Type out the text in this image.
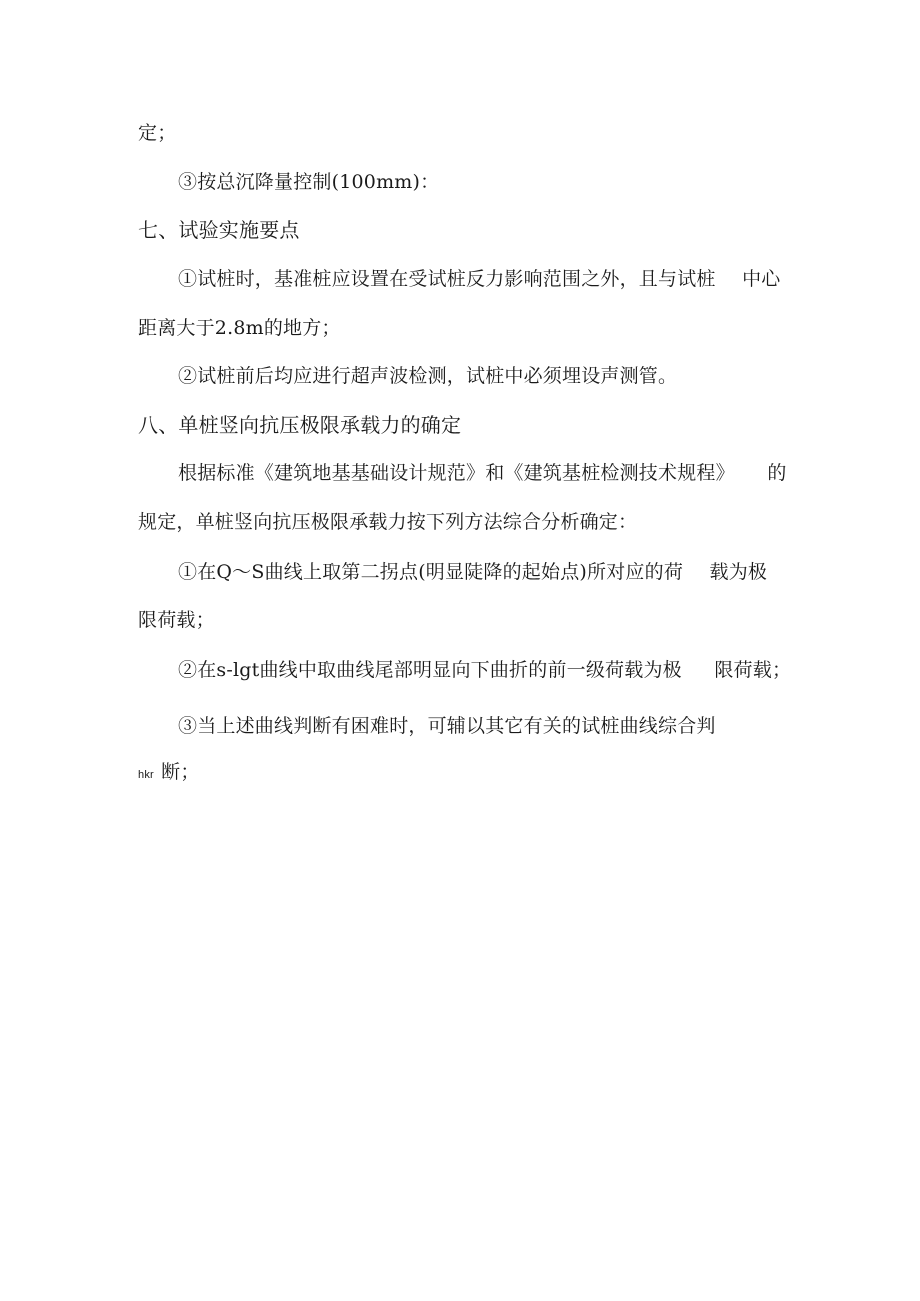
定；
③按总沉降量控制(100mm)：
七、试验实施要点
①试桩时，基准桩应设置在受试桩反力影响范围之外，且与试桩 中心
距离大于2.8m的地方；
②试桩前后均应进行超声波检测，试桩中必须埋设声测管。
八、单桩竖向抗压极限承载力的确定
根据标准《建筑地基基础设计规范》和《建筑基桩检测技术规程》 的
规定，单桩竖向抗压极限承载力按下列方法综合分析确定：
①在Q～S曲线上取第二拐点(明显陡降的起始点)所对应的荷 载为极
限荷载；
②在s-lgt曲线中取曲线尾部明显向下曲折的前一级荷载为极 限荷载；
③当上述曲线判断有困难时，可辅以其它有关的试桩曲线综合判
hkr 断；
